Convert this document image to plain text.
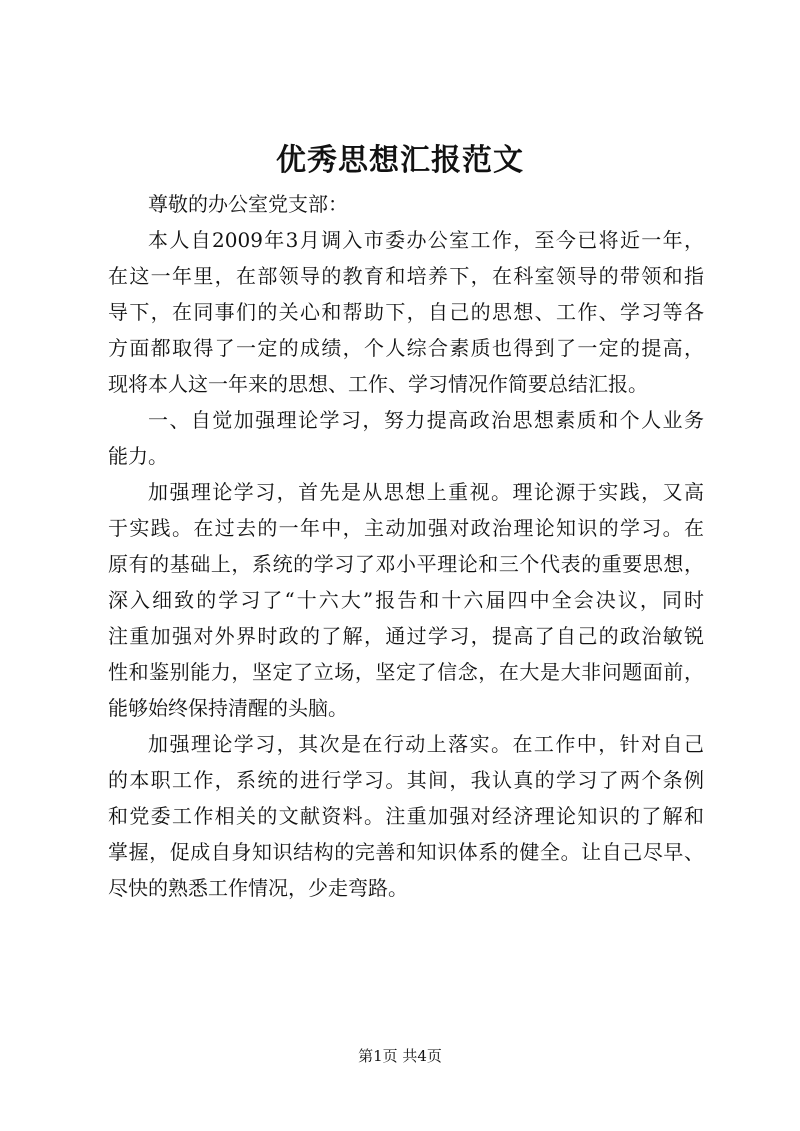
优秀思想汇报范文

尊敬的办公室党支部：

本人自2009年3月调入市委办公室工作，至今已将近一年，
在这一年里，在部领导的教育和培养下，在科室领导的带领和指
导下，在同事们的关心和帮助下，自己的思想、工作、学习等各
方面都取得了一定的成绩，个人综合素质也得到了一定的提高，
现将本人这一年来的思想、工作、学习情况作简要总结汇报。

一、自觉加强理论学习，努力提高政治思想素质和个人业务
能力。

加强理论学习，首先是从思想上重视。理论源于实践，又高
于实践。在过去的一年中，主动加强对政治理论知识的学习。在
原有的基础上，系统的学习了邓小平理论和三个代表的重要思想，
深入细致的学习了“十六大”报告和十六届四中全会决议，同时
注重加强对外界时政的了解，通过学习，提高了自己的政治敏锐
性和鉴别能力，坚定了立场，坚定了信念，在大是大非问题面前，
能够始终保持清醒的头脑。

加强理论学习，其次是在行动上落实。在工作中，针对自己
的本职工作，系统的进行学习。其间，我认真的学习了两个条例
和党委工作相关的文献资料。注重加强对经济理论知识的了解和
掌握，促成自身知识结构的完善和知识体系的健全。让自己尽早、
尽快的熟悉工作情况，少走弯路。

第1页 共4页
